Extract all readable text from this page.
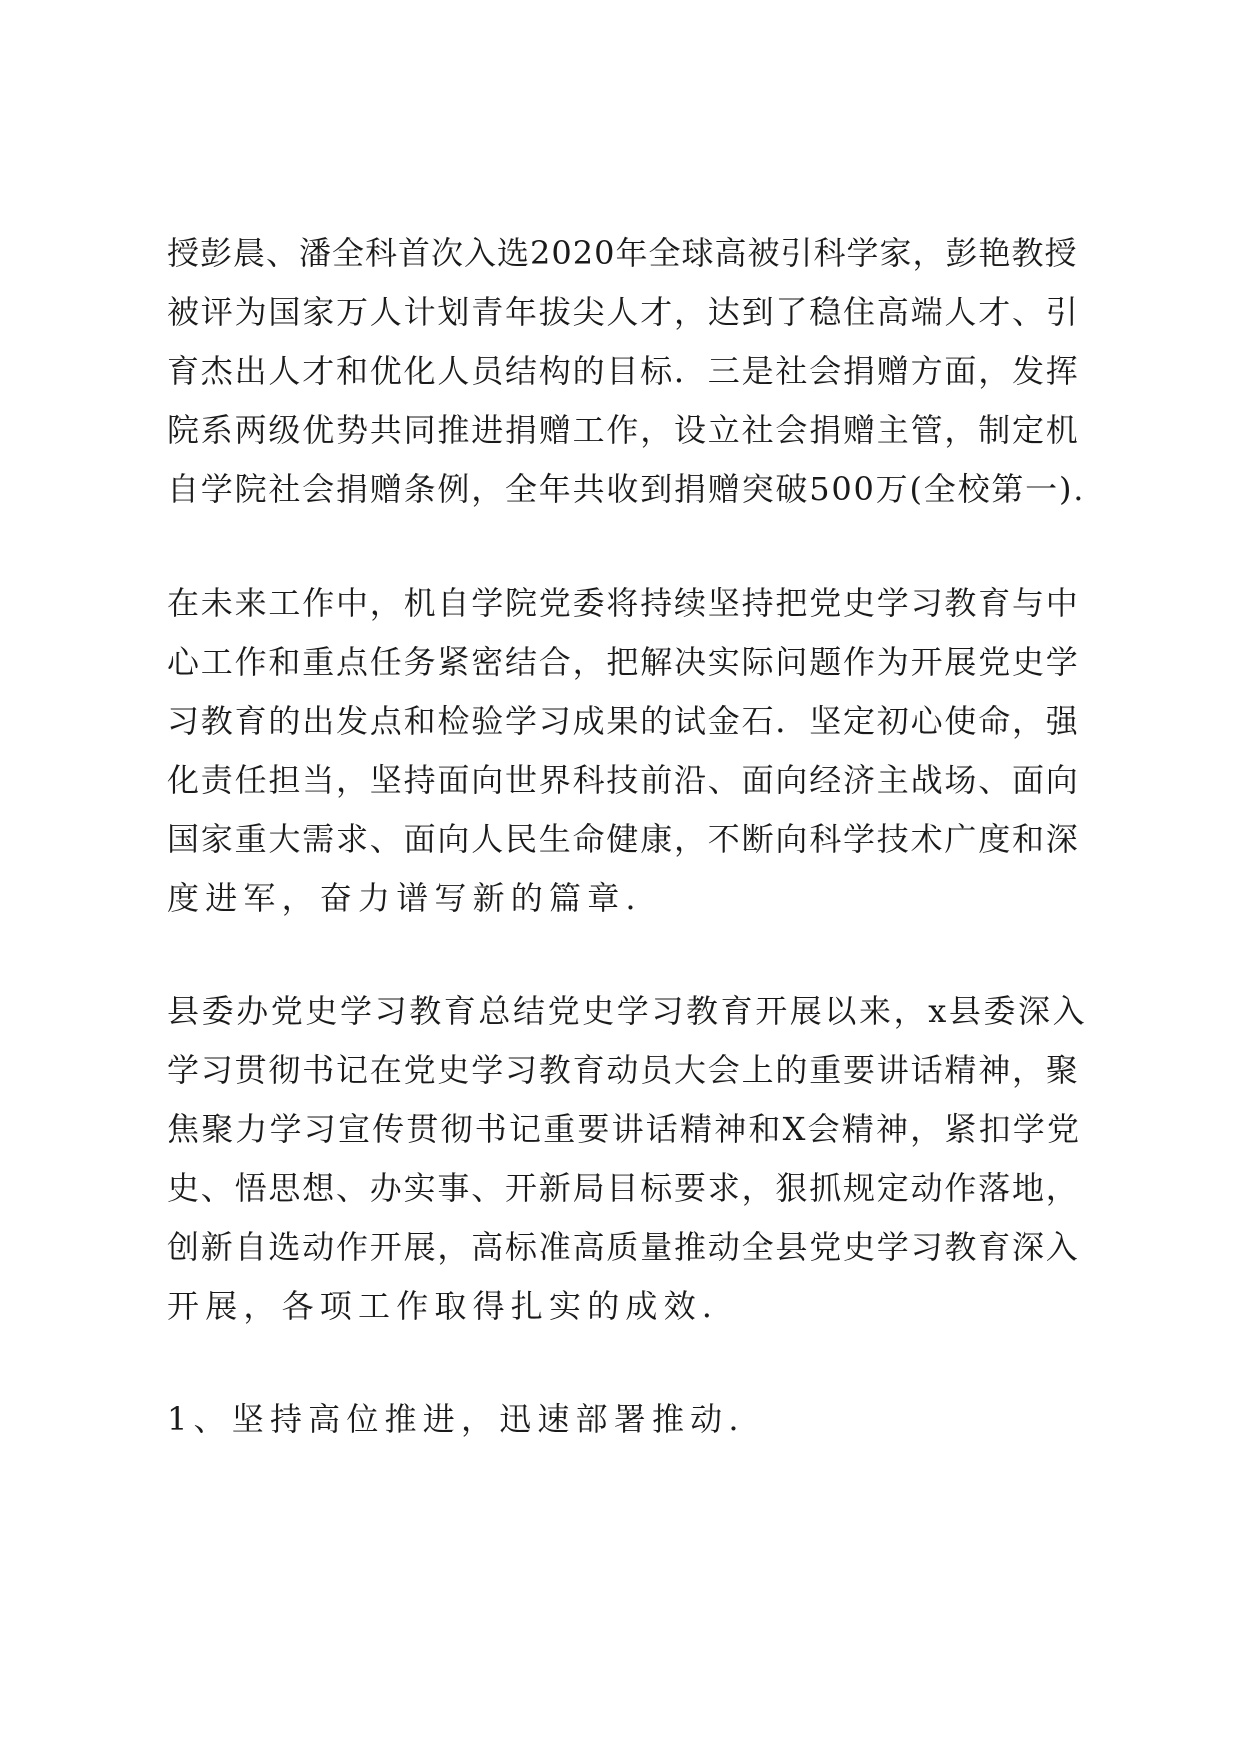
授彭晨、潘全科首次入选2020年全球高被引科学家，彭艳教授
被评为国家万人计划青年拔尖人才，达到了稳住高端人才、引
育杰出人才和优化人员结构的目标．三是社会捐赠方面，发挥
院系两级优势共同推进捐赠工作，设立社会捐赠主管，制定机
自学院社会捐赠条例，全年共收到捐赠突破500万(全校第一).
在未来工作中，机自学院党委将持续坚持把党史学习教育与中
心工作和重点任务紧密结合，把解决实际问题作为开展党史学
习教育的出发点和检验学习成果的试金石．坚定初心使命，强
化责任担当，坚持面向世界科技前沿、面向经济主战场、面向
国家重大需求、面向人民生命健康，不断向科学技术广度和深
度进军，奋力谱写新的篇章.
县委办党史学习教育总结党史学习教育开展以来，x县委深入
学习贯彻书记在党史学习教育动员大会上的重要讲话精神，聚
焦聚力学习宣传贯彻书记重要讲话精神和X会精神，紧扣学党
史、悟思想、办实事、开新局目标要求，狠抓规定动作落地，
创新自选动作开展，高标准高质量推动全县党史学习教育深入
开展，各项工作取得扎实的成效.
1、坚持高位推进，迅速部署推动.
